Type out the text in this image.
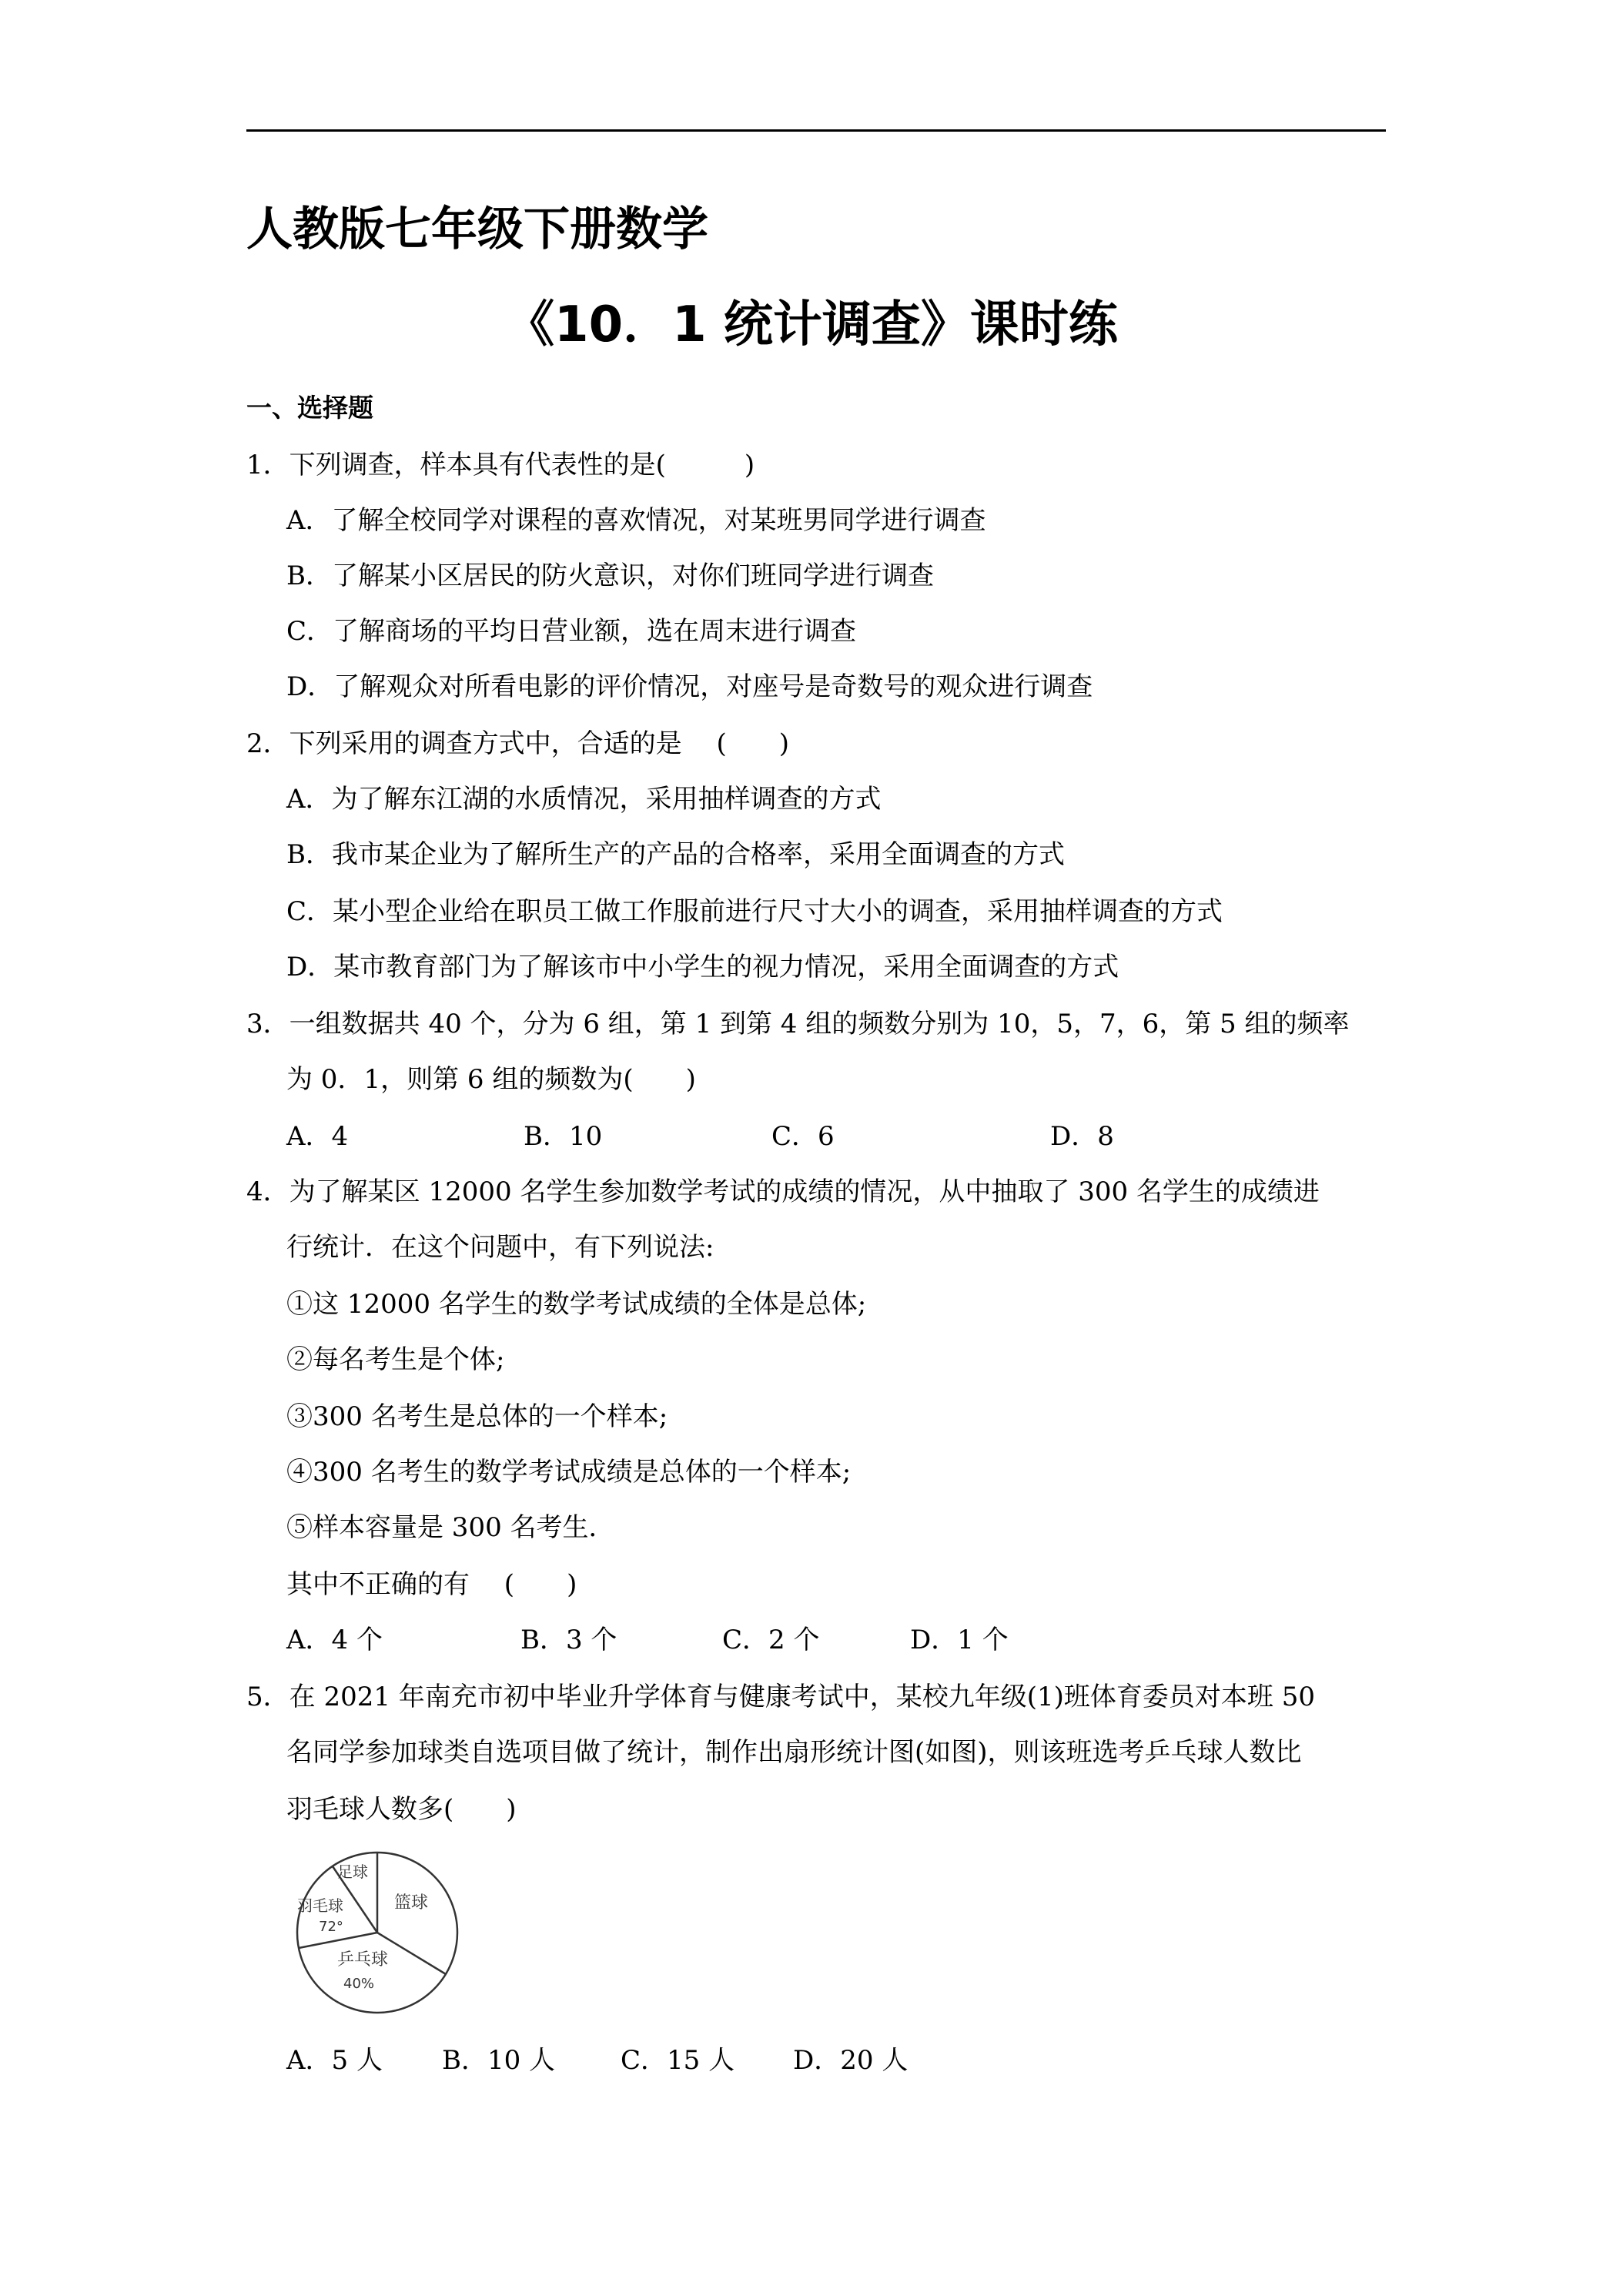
人教版七年级下册数学
《10．1 统计调查》课时练
一、选择题
1．下列调查，样本具有代表性的是(　　　)
A．了解全校同学对课程的喜欢情况，对某班男同学进行调查
B．了解某小区居民的防火意识，对你们班同学进行调查
C．了解商场的平均日营业额，选在周末进行调查
D．了解观众对所看电影的评价情况，对座号是奇数号的观众进行调查
2．下列采用的调查方式中，合适的是　 (　　)
A．为了解东江湖的水质情况，采用抽样调查的方式
B．我市某企业为了解所生产的产品的合格率，采用全面调查的方式
C．某小型企业给在职员工做工作服前进行尺寸大小的调查，采用抽样调查的方式
D．某市教育部门为了解该市中小学生的视力情况，采用全面调查的方式
3．一组数据共 40 个，分为 6 组，第 1 到第 4 组的频数分别为 10，5，7，6，第 5 组的频率
为 0．1，则第 6 组的频数为(　　)
A．4	B．10	C．6	D．8
4．为了解某区 12000 名学生参加数学考试的成绩的情况，从中抽取了 300 名学生的成绩进
行统计．在这个问题中，有下列说法:
①这 12000 名学生的数学考试成绩的全体是总体;
②每名考生是个体;
③300 名考生是总体的一个样本;
④300 名考生的数学考试成绩是总体的一个样本;
⑤样本容量是 300 名考生．
其中不正确的有　 (　　)
A．4 个	B．3 个	C．2 个	D．1 个
5．在 2021 年南充市初中毕业升学体育与健康考试中，某校九年级(1)班体育委员对本班 50
名同学参加球类自选项目做了统计，制作出扇形统计图(如图)，则该班选考乒乓球人数比
羽毛球人数多(　　)
足球
篮球
羽毛球
72°
乒乓球
40%
A．5 人 B．10 人 C．15 人 D．20 人
